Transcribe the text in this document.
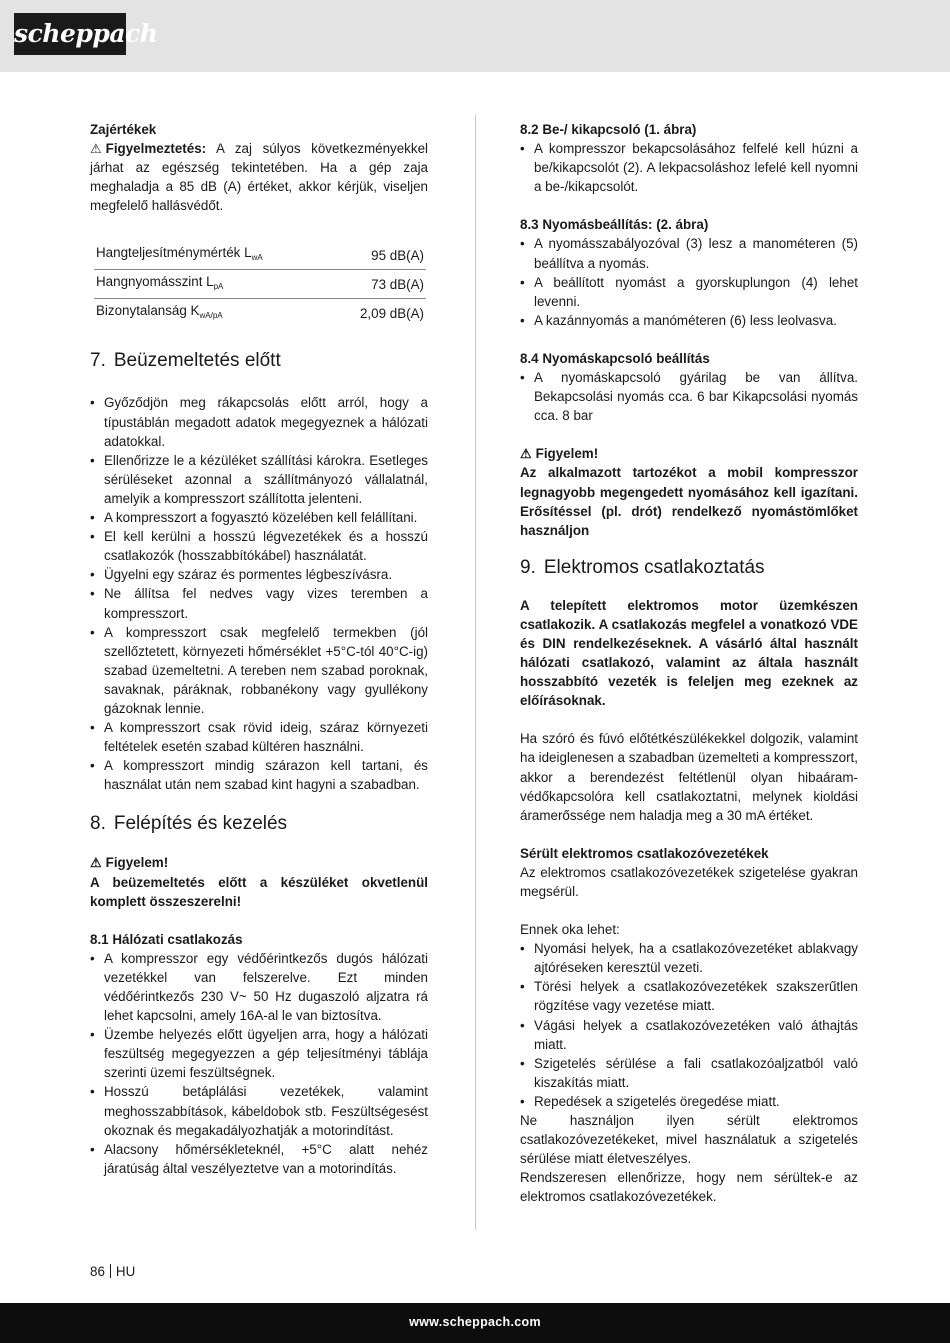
scheppach

Zajértékek

⚠ Figyelmeztetés: A zaj súlyos következményekkel járhat az egészség tekintetében. Ha a gép zaja meghaladja a 85 dB (A) értéket, akkor kérjük, viseljen megfelelő hallásvédőt.

Hangteljesítménymérték $L_{wA}$	95 dB(A)
Hangnyomásszint $L_{pA}$	73 dB(A)
Bizonytalanság $K_{wA/pA}$	2,09 dB(A)
7. Beüzemeltetés előtt
• Győződjön meg rákapcsolás előtt arról, hogy a típustáblán megadott adatok megegyeznek a hálózati adatokkal.
• Ellenőrizze le a kézüléket szállítási károkra. Esetleges sérüléseket azonnal a szállítmányozó vállalatnál, amelyik a kompresszort szállította jelenteni.
• A kompresszort a fogyasztó közelében kell felállítani.
• El kell kerülni a hosszú légvezetékek és a hosszú csatlakozók (hosszabbítókábel) használatát.
• Ügyelni egy száraz és pormentes légbeszívásra.
• Ne állítsa fel nedves vagy vizes teremben a kompresszort.
• A kompresszort csak megfelelő termekben (jól szellőztetett, környezeti hőmérséklet +5°C-tól 40°C-ig) szabad üzemeltetni. A tereben nem szabad poroknak, savaknak, páráknak, robbanékony vagy gyullékony gázoknak lennie.
• A kompresszort csak rövid ideig, száraz környezeti feltételek esetén szabad kültéren használni.
• A kompresszort mindig szárazon kell tartani, és használat után nem szabad kint hagyni a szabadban.
8. Felépítés és kezelés

⚠ Figyelem!

A beüzemeltetés előtt a készüléket okvetlenül komplett összeszerelni!

8.1 Hálózati csatlakozás

• A kompresszor egy védőérintkezős dugós hálózati vezetékkel van felszerelve. Ezt minden védőérintkezős 230 V~ 50 Hz dugaszoló aljzatra rá lehet kapcsolni, amely 16A-al le van biztosítva.
• Üzembe helyezés előtt ügyeljen arra, hogy a hálózati feszültség megegyezzen a gép teljesítményi táblája szerinti üzemi feszültségnek.
• Hosszú betáplálási vezetékek, valamint meghosszabbítások, kábeldobok stb. Feszültségesést okoznak és megakadályozhatják a motorindítást.
• Alacsony hőmérsékleteknél, +5°C alatt nehéz járatúság által veszélyeztetve van a motorindítás.

8.2 Be-/ kikapcsoló (1. ábra)

• A kompresszor bekapcsolásához felfelé kell húzni a be/kikapcsolót (2). A lekpacsoláshoz lefelé kell nyomni a be-/kikapcsolót.

8.3 Nyomásbeállítás: (2. ábra)

• A nyomásszabályozóval (3) lesz a manométeren (5) beállítva a nyomás.
• A beállított nyomást a gyorskuplungon (4) lehet levenni.
• A kazánnyomás a manóméteren (6) less leolvasva.

8.4 Nyomáskapcsoló beállítás

• A nyomáskapcsoló gyárilag be van állítva. Bekapcsolási nyomás cca. 6 bar Kikapcsolási nyomás cca. 8 bar

⚠ Figyelem!

Az alkalmazott tartozékot a mobil kompresszor legnagyobb megengedett nyomásához kell igazítani. Erősítéssel (pl. drót) rendelkező nyomástömlőket használjon

9. Elektromos csatlakoztatás

A telepített elektromos motor üzemkészen csatlakozik. A csatlakozás megfelel a vonatkozó VDE és DIN rendelkezéseknek. A vásárló által használt hálózati csatlakozó, valamint az általa használt hosszabbító vezeték is feleljen meg ezeknek az előírásoknak.

Ha szóró és fúvó előtétkészülékekkel dolgozik, valamint ha ideiglenesen a szabadban üzemelteti a kompresszort, akkor a berendezést feltétlenül olyan hibaáram-védőkapcsolóra kell csatlakoztatni, melynek kioldási áramerőssége nem haladja meg a 30 mA értéket.

Sérült elektromos csatlakozóvezetékek

Az elektromos csatlakozóvezetékek szigetelése gyakran megsérül.

Ennek oka lehet:

• Nyomási helyek, ha a csatlakozóvezetéket ablakvagy ajtóréseken keresztül vezeti.
• Törési helyek a csatlakozóvezetékek szakszerűtlen rögzítése vagy vezetése miatt.
• Vágási helyek a csatlakozóvezetéken való áthajtás miatt.
• Szigetelés sérülése a fali csatlakozóaljzatból való kiszakítás miatt.
• Repedések a szigetelés öregedése miatt.

Ne használjon ilyen sérült elektromos csatlakozóvezetékeket, mivel használatuk a szigetelés sérülése miatt életveszélyes.

Rendszeresen ellenőrizze, hogy nem sérültek-e az elektromos csatlakozóvezetékek.

86 HU
www.scheppach.com
